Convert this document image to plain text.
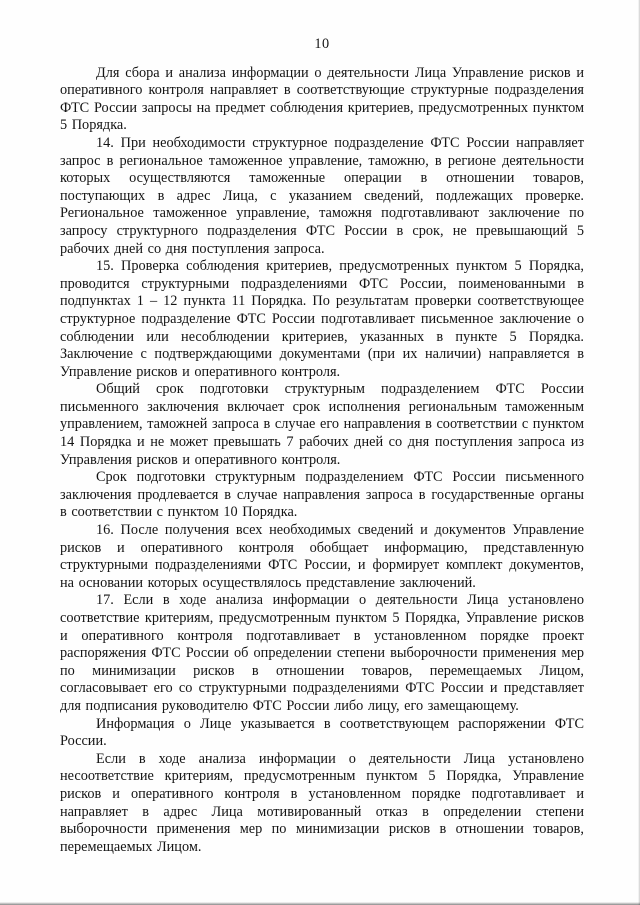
10

Для сбора и анализа информации о деятельности Лица Управление рисков и оперативного контроля направляет в соответствующие структурные подразделения ФТС России запросы на предмет соблюдения критериев, предусмотренных пунктом 5 Порядка.

14. При необходимости структурное подразделение ФТС России направляет запрос в региональное таможенное управление, таможню, в регионе деятельности которых осуществляются таможенные операции в отношении товаров, поступающих в адрес Лица, с указанием сведений, подлежащих проверке. Региональное таможенное управление, таможня подготавливают заключение по запросу структурного подразделения ФТС России в срок, не превышающий 5 рабочих дней со дня поступления запроса.

15. Проверка соблюдения критериев, предусмотренных пунктом 5 Порядка, проводится структурными подразделениями ФТС России, поименованными в подпунктах 1 – 12 пункта 11 Порядка. По результатам проверки соответствующее структурное подразделение ФТС России подготавливает письменное заключение о соблюдении или несоблюдении критериев, указанных в пункте 5 Порядка. Заключение с подтверждающими документами (при их наличии) направляется в Управление рисков и оперативного контроля.

Общий срок подготовки структурным подразделением ФТС России письменного заключения включает срок исполнения региональным таможенным управлением, таможней запроса в случае его направления в соответствии с пунктом 14 Порядка и не может превышать 7 рабочих дней со дня поступления запроса из Управления рисков и оперативного контроля.

Срок подготовки структурным подразделением ФТС России письменного заключения продлевается в случае направления запроса в государственные органы в соответствии с пунктом 10 Порядка.

16. После получения всех необходимых сведений и документов Управление рисков и оперативного контроля обобщает информацию, представленную структурными подразделениями ФТС России, и формирует комплект документов, на основании которых осуществлялось представление заключений.

17. Если в ходе анализа информации о деятельности Лица установлено соответствие критериям, предусмотренным пунктом 5 Порядка, Управление рисков и оперативного контроля подготавливает в установленном порядке проект распоряжения ФТС России об определении степени выборочности применения мер по минимизации рисков в отношении товаров, перемещаемых Лицом, согласовывает его со структурными подразделениями ФТС России и представляет для подписания руководителю ФТС России либо лицу, его замещающему.

Информация о Лице указывается в соответствующем распоряжении ФТС России.

Если в ходе анализа информации о деятельности Лица установлено несоответствие критериям, предусмотренным пунктом 5 Порядка, Управление рисков и оперативного контроля в установленном порядке подготавливает и направляет в адрес Лица мотивированный отказ в определении степени выборочности применения мер по минимизации рисков в отношении товаров, перемещаемых Лицом.
